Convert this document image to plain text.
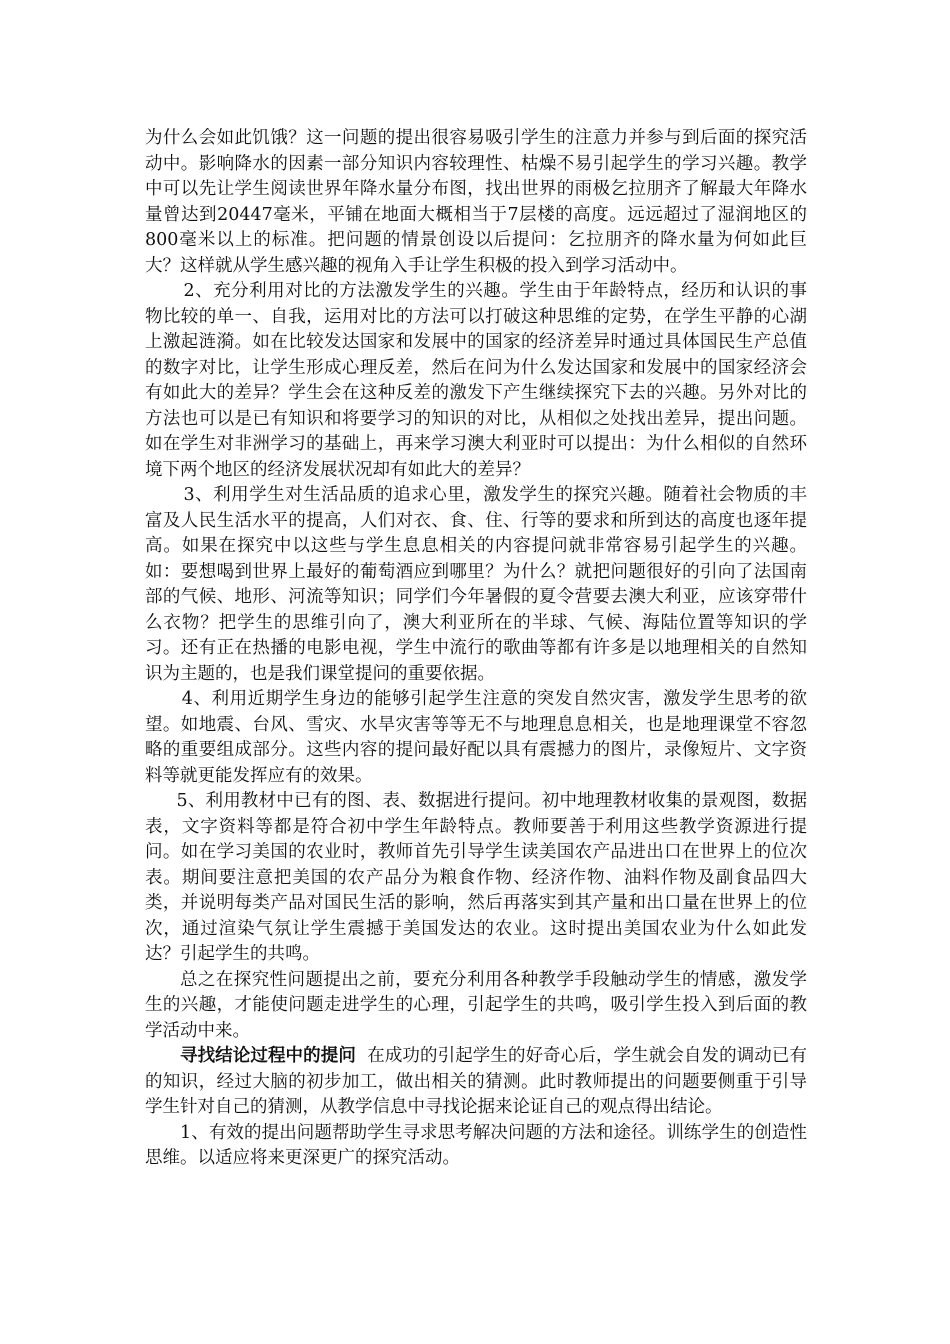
为什么会如此饥饿？这一问题的提出很容易吸引学生的注意力并参与到后面的探究活动中。影响降水的因素一部分知识内容较理性、枯燥不易引起学生的学习兴趣。教学中可以先让学生阅读世界年降水量分布图，找出世界的雨极乞拉朋齐了解最大年降水量曾达到20447毫米，平铺在地面大概相当于7层楼的高度。远远超过了湿润地区的800毫米以上的标准。把问题的情景创设以后提问：乞拉朋齐的降水量为何如此巨大？这样就从学生感兴趣的视角入手让学生积极的投入到学习活动中。

2、充分利用对比的方法激发学生的兴趣。学生由于年龄特点，经历和认识的事物比较的单一、自我，运用对比的方法可以打破这种思维的定势，在学生平静的心湖上激起涟漪。如在比较发达国家和发展中的国家的经济差异时通过具体国民生产总值的数字对比，让学生形成心理反差，然后在问为什么发达国家和发展中的国家经济会有如此大的差异？学生会在这种反差的激发下产生继续探究下去的兴趣。另外对比的方法也可以是已有知识和将要学习的知识的对比，从相似之处找出差异，提出问题。如在学生对非洲学习的基础上，再来学习澳大利亚时可以提出：为什么相似的自然环境下两个地区的经济发展状况却有如此大的差异？

3、利用学生对生活品质的追求心里，激发学生的探究兴趣。随着社会物质的丰富及人民生活水平的提高，人们对衣、食、住、行等的要求和所到达的高度也逐年提高。如果在探究中以这些与学生息息相关的内容提问就非常容易引起学生的兴趣。如：要想喝到世界上最好的葡萄酒应到哪里？为什么？就把问题很好的引向了法国南部的气候、地形、河流等知识；同学们今年暑假的夏令营要去澳大利亚，应该穿带什么衣物？把学生的思维引向了，澳大利亚所在的半球、气候、海陆位置等知识的学习。还有正在热播的电影电视，学生中流行的歌曲等都有许多是以地理相关的自然知识为主题的，也是我们课堂提问的重要依据。

4、利用近期学生身边的能够引起学生注意的突发自然灾害，激发学生思考的欲望。如地震、台风、雪灾、水旱灾害等等无不与地理息息相关，也是地理课堂不容忽略的重要组成部分。这些内容的提问最好配以具有震撼力的图片，录像短片、文字资料等就更能发挥应有的效果。

5、利用教材中已有的图、表、数据进行提问。初中地理教材收集的景观图，数据表，文字资料等都是符合初中学生年龄特点。教师要善于利用这些教学资源进行提问。如在学习美国的农业时，教师首先引导学生读美国农产品进出口在世界上的位次表。期间要注意把美国的农产品分为粮食作物、经济作物、油料作物及副食品四大类，并说明每类产品对国民生活的影响，然后再落实到其产量和出口量在世界上的位次，通过渲染气氛让学生震撼于美国发达的农业。这时提出美国农业为什么如此发达？引起学生的共鸣。

总之在探究性问题提出之前，要充分利用各种教学手段触动学生的情感，激发学生的兴趣，才能使问题走进学生的心理，引起学生的共鸣，吸引学生投入到后面的教学活动中来。

寻找结论过程中的提问 在成功的引起学生的好奇心后，学生就会自发的调动已有的知识，经过大脑的初步加工，做出相关的猜测。此时教师提出的问题要侧重于引导学生针对自己的猜测，从教学信息中寻找论据来论证自己的观点得出结论。

1、有效的提出问题帮助学生寻求思考解决问题的方法和途径。训练学生的创造性思维。以适应将来更深更广的探究活动。
